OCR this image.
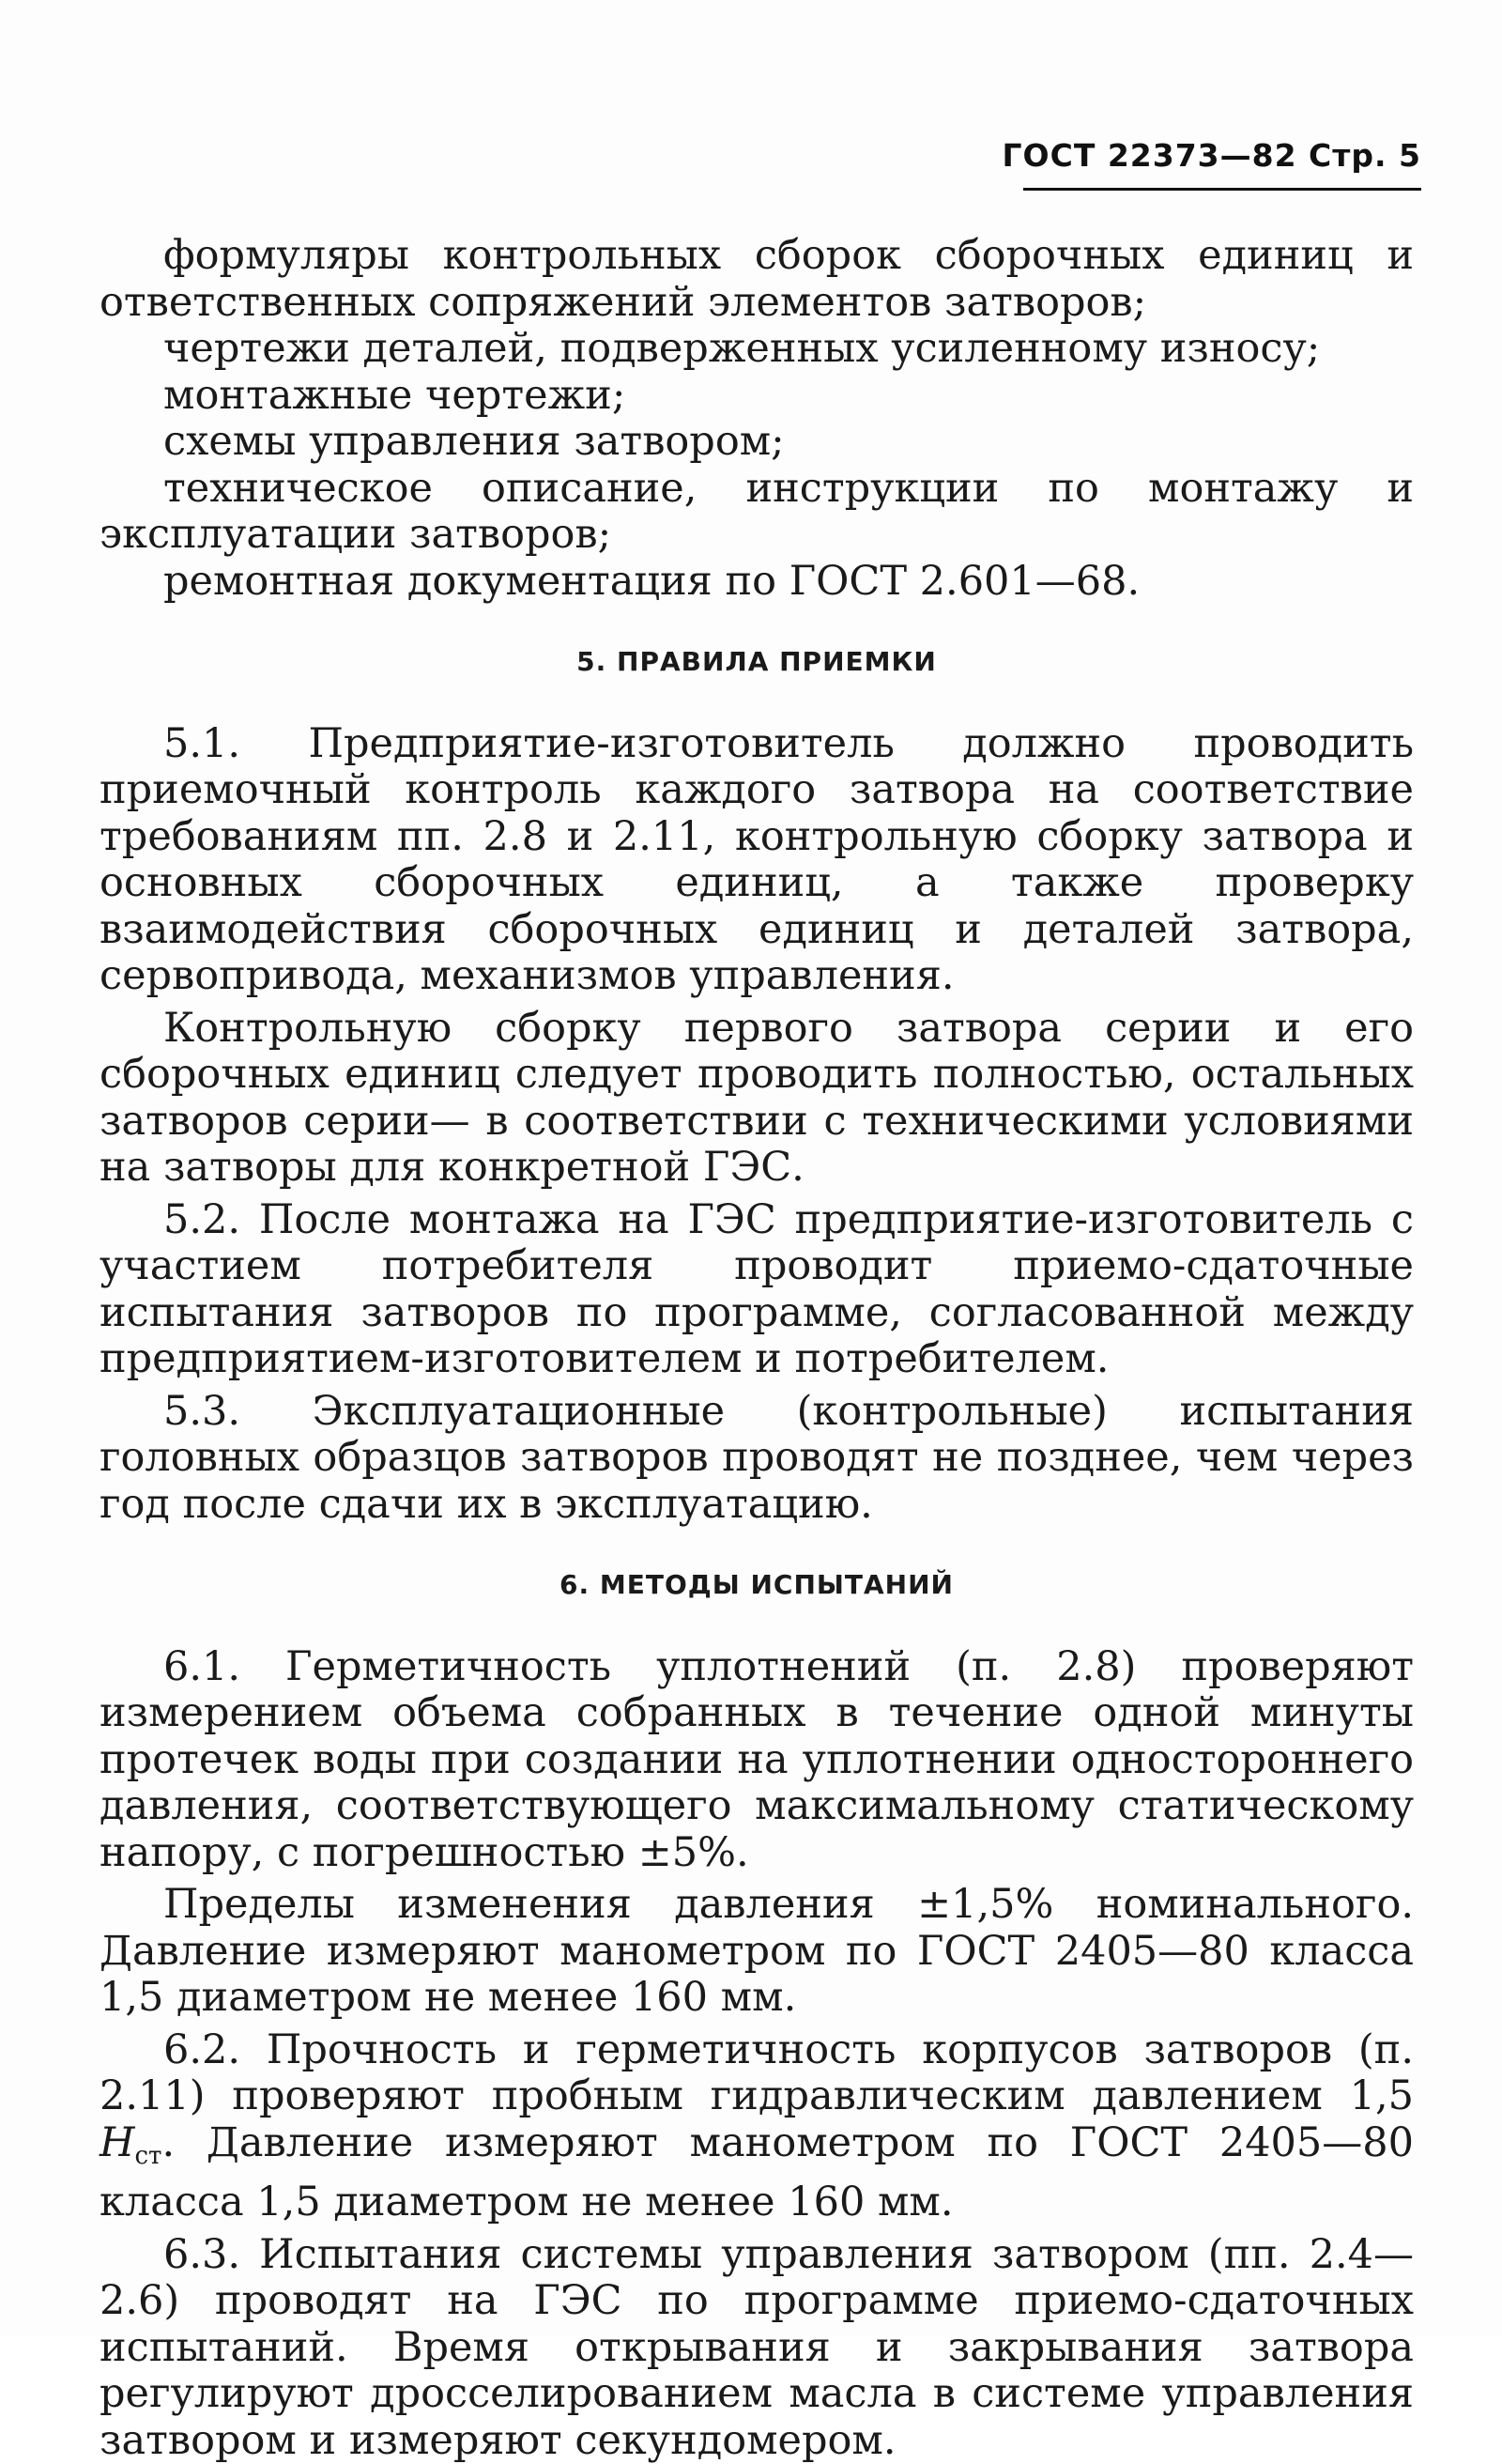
ГОСТ 22373—82 Стр. 5

формуляры контрольных сборок сборочных единиц и ответственных сопряжений элементов затворов;

чертежи деталей, подверженных усиленному износу;

монтажные чертежи;

схемы управления затвором;

техническое описание, инструкции по монтажу и эксплуатации затворов;

ремонтная документация по ГОСТ 2.601—68.

5. ПРАВИЛА ПРИЕМКИ

5.1. Предприятие-изготовитель должно проводить приемочный контроль каждого затвора на соответствие требованиям пп. 2.8 и 2.11, контрольную сборку затвора и основных сборочных единиц, а также проверку взаимодействия сборочных единиц и деталей затвора, сервопривода, механизмов управления.

Контрольную сборку первого затвора серии и его сборочных единиц следует проводить полностью, остальных затворов серии— в соответствии с техническими условиями на затворы для конкретной ГЭС.

5.2. После монтажа на ГЭС предприятие-изготовитель с участием потребителя проводит приемо-сдаточные испытания затворов по программе, согласованной между предприятием-изготовителем и потребителем.

5.3. Эксплуатационные (контрольные) испытания головных образцов затворов проводят не позднее, чем через год после сдачи их в эксплуатацию.

6. МЕТОДЫ ИСПЫТАНИЙ

6.1. Герметичность уплотнений (п. 2.8) проверяют измерением объема собранных в течение одной минуты протечек воды при создании на уплотнении одностороннего давления, соответствующего максимальному статическому напору, с погрешностью ±5%.

Пределы изменения давления ±1,5% номинального. Давление измеряют манометром по ГОСТ 2405—80 класса 1,5 диаметром не менее 160 мм.

6.2. Прочность и герметичность корпусов затворов (п. 2.11) проверяют пробным гидравлическим давлением 1,5 $H_{ст}$. Давление измеряют манометром по ГОСТ 2405—80 класса 1,5 диаметром не менее 160 мм.

6.3. Испытания системы управления затвором (пп. 2.4—2.6) проводят на ГЭС по программе приемо-сдаточных испытаний. Время открывания и закрывания затвора регулируют дросселированием масла в системе управления затвором и измеряют секундомером.
